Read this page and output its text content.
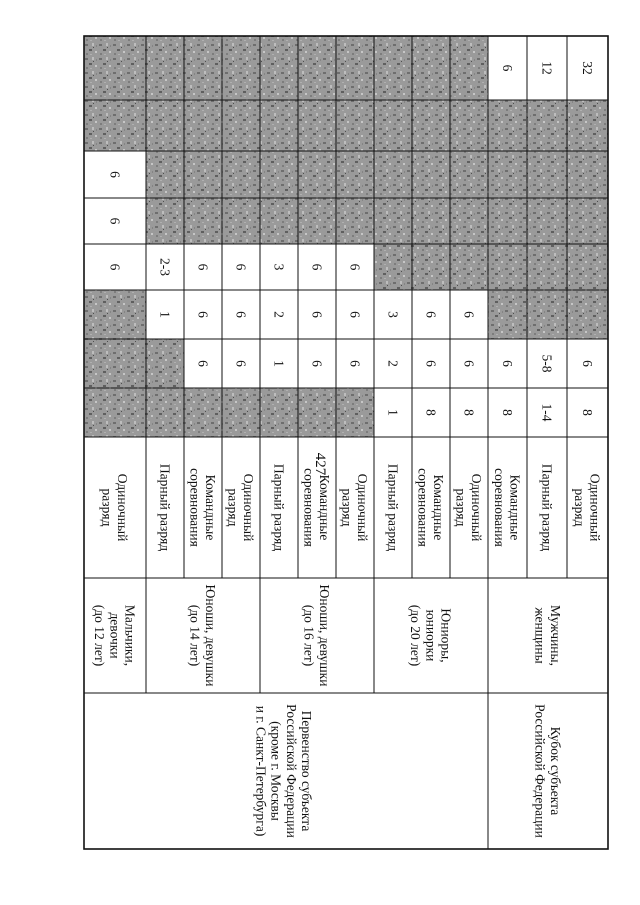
427
8
6
32
Одиночный
разряд
1-4
5-8
12
Парный разряд
8
6
6
Командные
соревнования
8
6
6
Одиночный
разряд
8
6
6
Командные
соревнования
1
2
3
Парный разряд
6
6
6
Одиночный
разряд
6
6
6
Командные
соревнования
1
2
3
Парный разряд
6
6
6
Одиночный
разряд
6
6
6
Командные
соревнования
1
2-3
Парный разряд
6
6
6
Одиночный
разряд
Мужчины,
женщины
Юниоры,
юниорки
(до 20 лет)
Юноши, девушки
(до 16 лет)
Юноши, девушки
(до 14 лет)
Мальчики,
девочки
(до 12 лет)
Кубок субъекта
Российской Федерации
Первенство субъекта
Российской Федерации
(кроме г. Москвы
и г. Санкт-Петербурга)
